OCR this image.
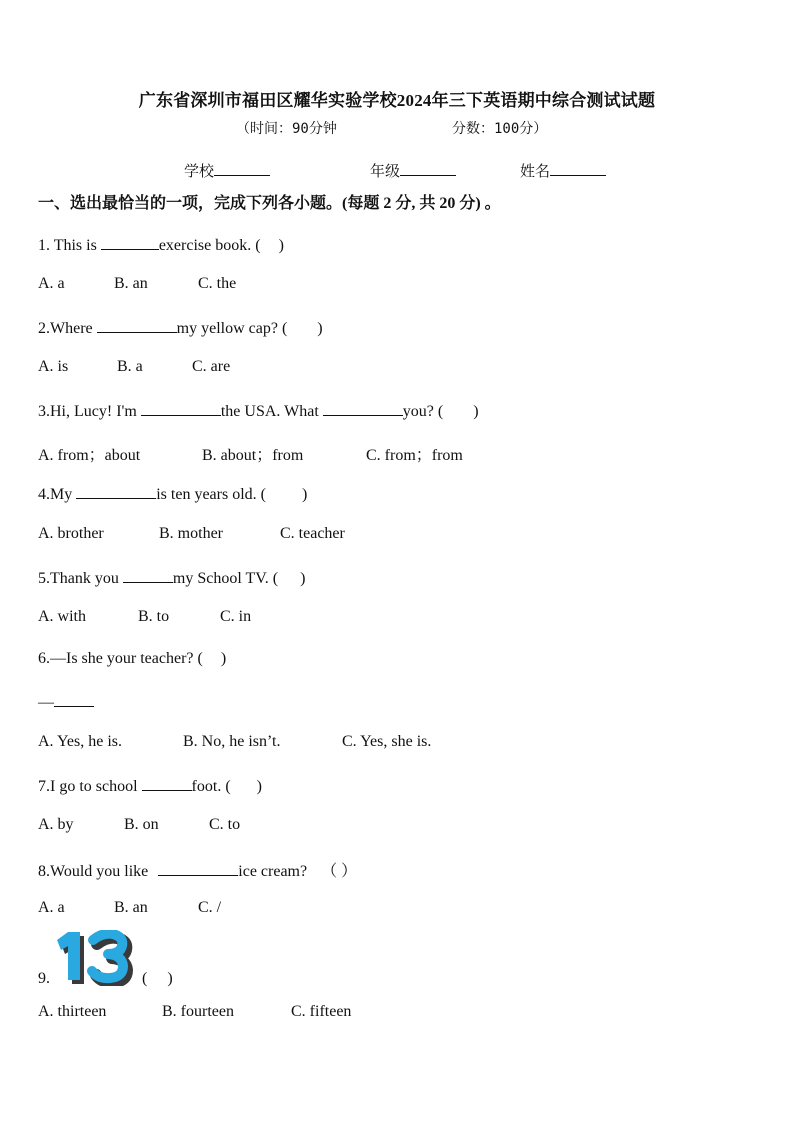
广东省深圳市福田区耀华实验学校2024年三下英语期中综合测试试题
（时间：90分钟	分数：100分）
学校	年级	姓名
一、选出最恰当的一项，完成下列各小题。(每题 2 分, 共 20 分) 。
1. This is	exercise book. ( )
A. a	B. an	C. the
2.Where	my yellow cap? ( )
A. is	B. a	C. are
3.Hi, Lucy! I'm	the USA. What	you? ( )
A. from；about	B. about；from	C. from；from
4.My	is ten years old. ( )
A. brother	B. mother	C. teacher
5.Thank you	my School TV. ( )
A. with	B. to	C. in
6.—Is she your teacher? ( )
—
A. Yes, he is.	B. No, he isn’t.	C. Yes, she is.
7.I go to school	foot. ( )
A. by	B. on	C. to
8.Would you like	ice cream? （ ）
A. a	B. an	C. /
9.	( )
A. thirteen	B. fourteen	C. fifteen
